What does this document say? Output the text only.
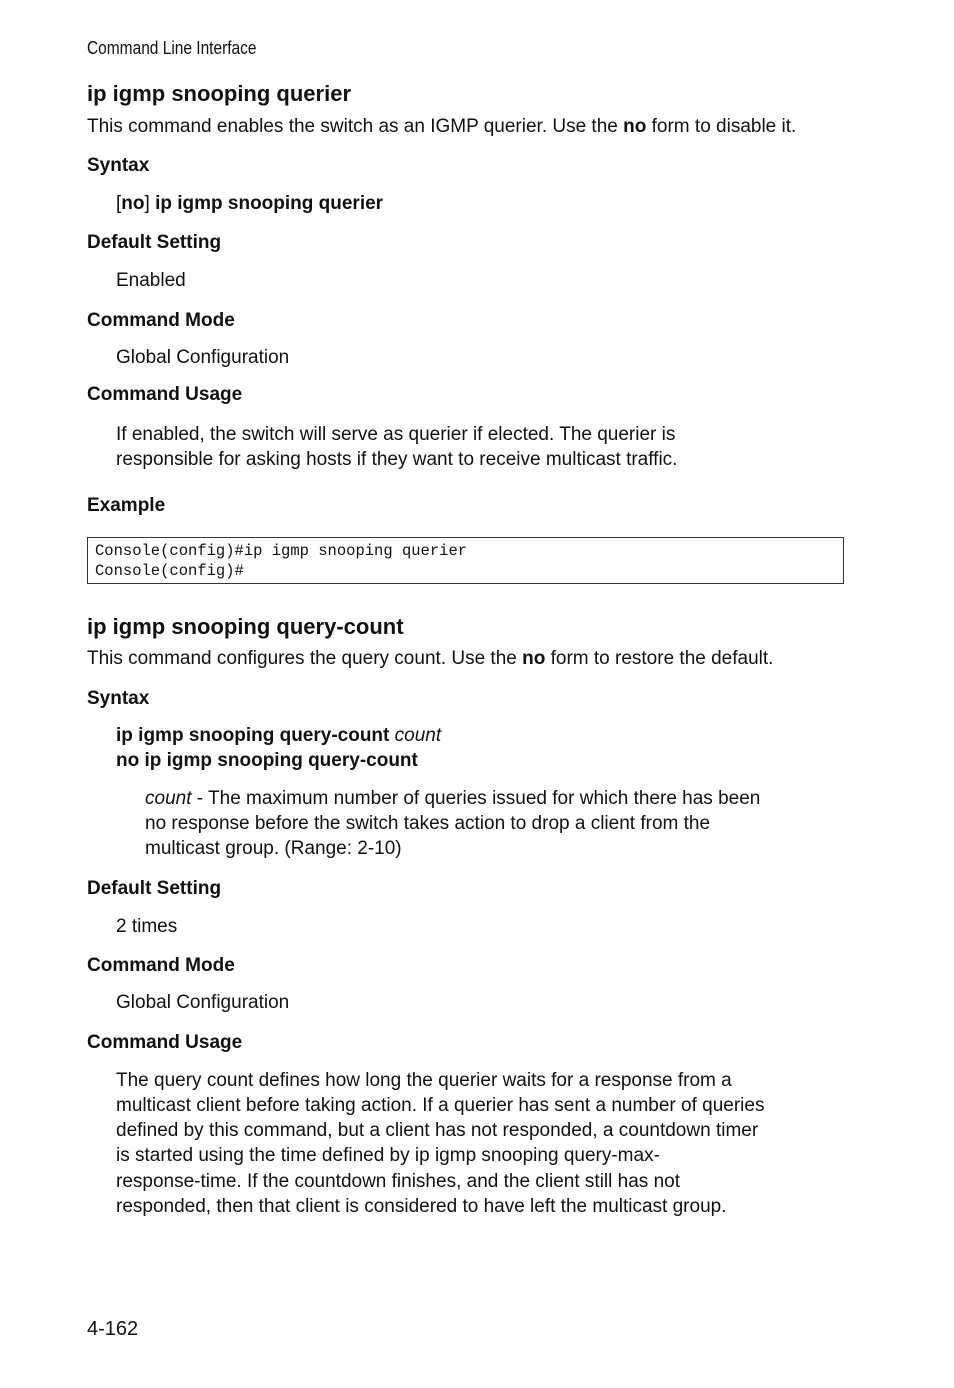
Command Line Interface
ip igmp snooping querier
This command enables the switch as an IGMP querier. Use the no form to disable it.
Syntax
[no] ip igmp snooping querier
Default Setting
Enabled
Command Mode
Global Configuration
Command Usage
If enabled, the switch will serve as querier if elected. The querier is
responsible for asking hosts if they want to receive multicast traffic.
Example
Console(config)#ip igmp snooping querier
Console(config)#
ip igmp snooping query-count
This command configures the query count. Use the no form to restore the default.
Syntax
ip igmp snooping query-count count
no ip igmp snooping query-count
count - The maximum number of queries issued for which there has been
no response before the switch takes action to drop a client from the
multicast group. (Range: 2-10)
Default Setting
2 times
Command Mode
Global Configuration
Command Usage
The query count defines how long the querier waits for a response from a
multicast client before taking action. If a querier has sent a number of queries
defined by this command, but a client has not responded, a countdown timer
is started using the time defined by ip igmp snooping query-max-
response-time. If the countdown finishes, and the client still has not
responded, then that client is considered to have left the multicast group.
4-162
